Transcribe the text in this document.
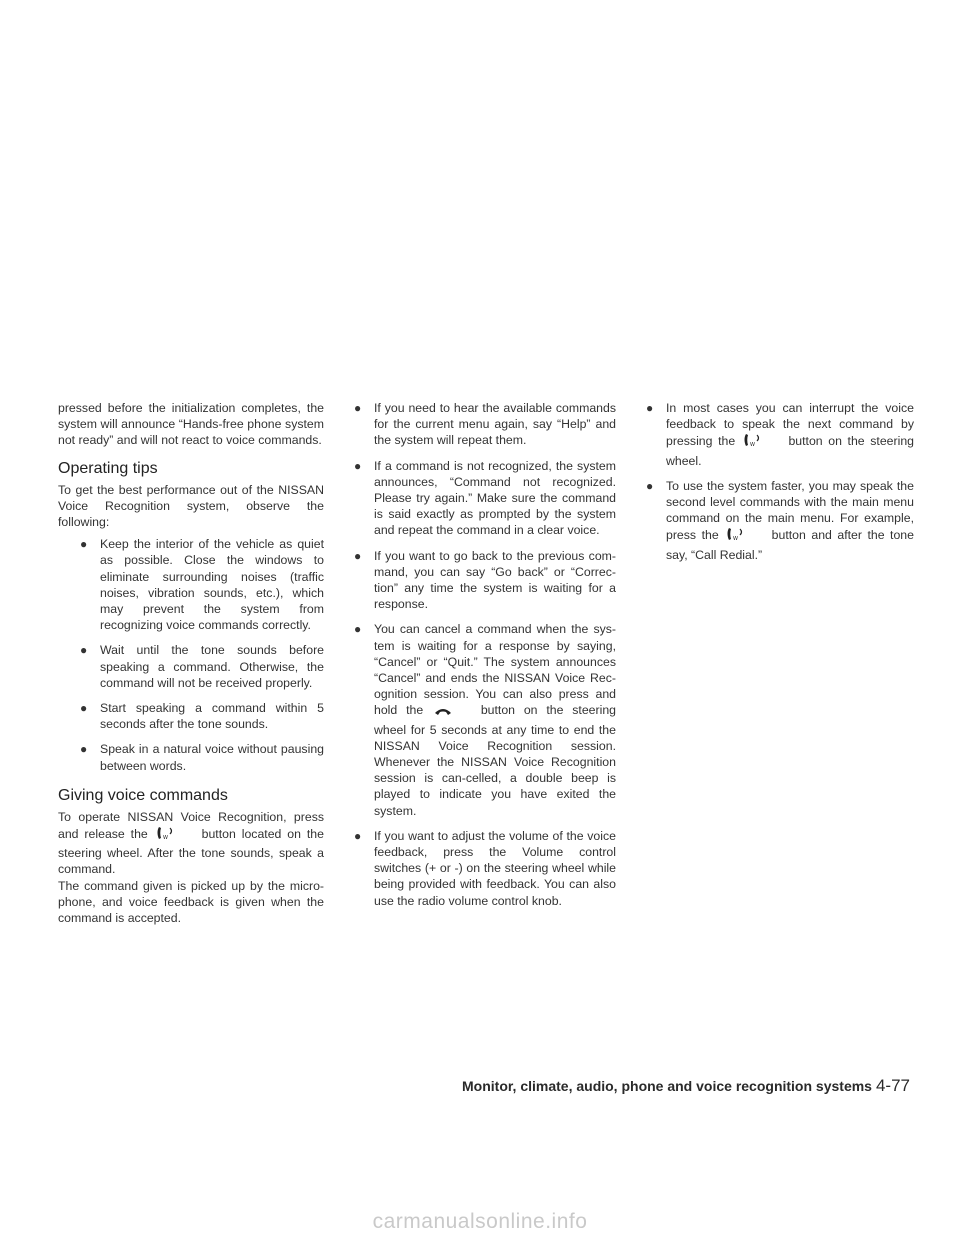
pressed before the initialization completes, the system will announce “Hands-free phone system not ready” and will not react to voice commands.

Operating tips

To get the best performance out of the NISSAN Voice Recognition system, observe the following:

● Keep the interior of the vehicle as quiet as possible. Close the windows to eliminate surrounding noises (traffic noises, vibration sounds, etc.), which may prevent the system from recognizing voice commands correctly.
● Wait until the tone sounds before speaking a command. Otherwise, the command will not be received properly.
● Start speaking a command within 5 seconds after the tone sounds.
● Speak in a natural voice without pausing between words.
Giving voice commands

To operate NISSAN Voice Recognition, press and release the	W	button located on the steering wheel. After the tone sounds, speak a command.

The command given is picked up by the micro-phone, and voice feedback is given when the command is accepted.

● If you need to hear the available commands for the current menu again, say “Help” and the system will repeat them.
● If a command is not recognized, the system announces, “Command not recognized. Please try again.” Make sure the command is said exactly as prompted by the system and repeat the command in a clear voice.
● If you want to go back to the previous com-mand, you can say “Go back” or “Correc-tion” any time the system is waiting for a response.
● You can cancel a command when the sys-tem is waiting for a response by saying, “Cancel” or “Quit.” The system announces “Cancel” and ends the NISSAN Voice Rec-ognition session. You can also press and hold the	button on the steering wheel for 5 seconds at any time to end the NISSAN Voice Recognition session. Whenever the NISSAN Voice Recognition session is can-celled, a double beep is played to indicate you have exited the system.
● If you want to adjust the volume of the voice feedback, press the Volume control switches (+ or -) on the steering wheel while being provided with feedback. You can also use the radio volume control knob.
● In most cases you can interrupt the voice feedback to speak the next command by pressing the	W	button on the steering wheel.
● To use the system faster, you may speak the second level commands with the main menu command on the main menu. For example, press the	W	button and after the tone say, “Call Redial.”
Monitor, climate, audio, phone and voice recognition systems 4-77
carmanualsonline.info
